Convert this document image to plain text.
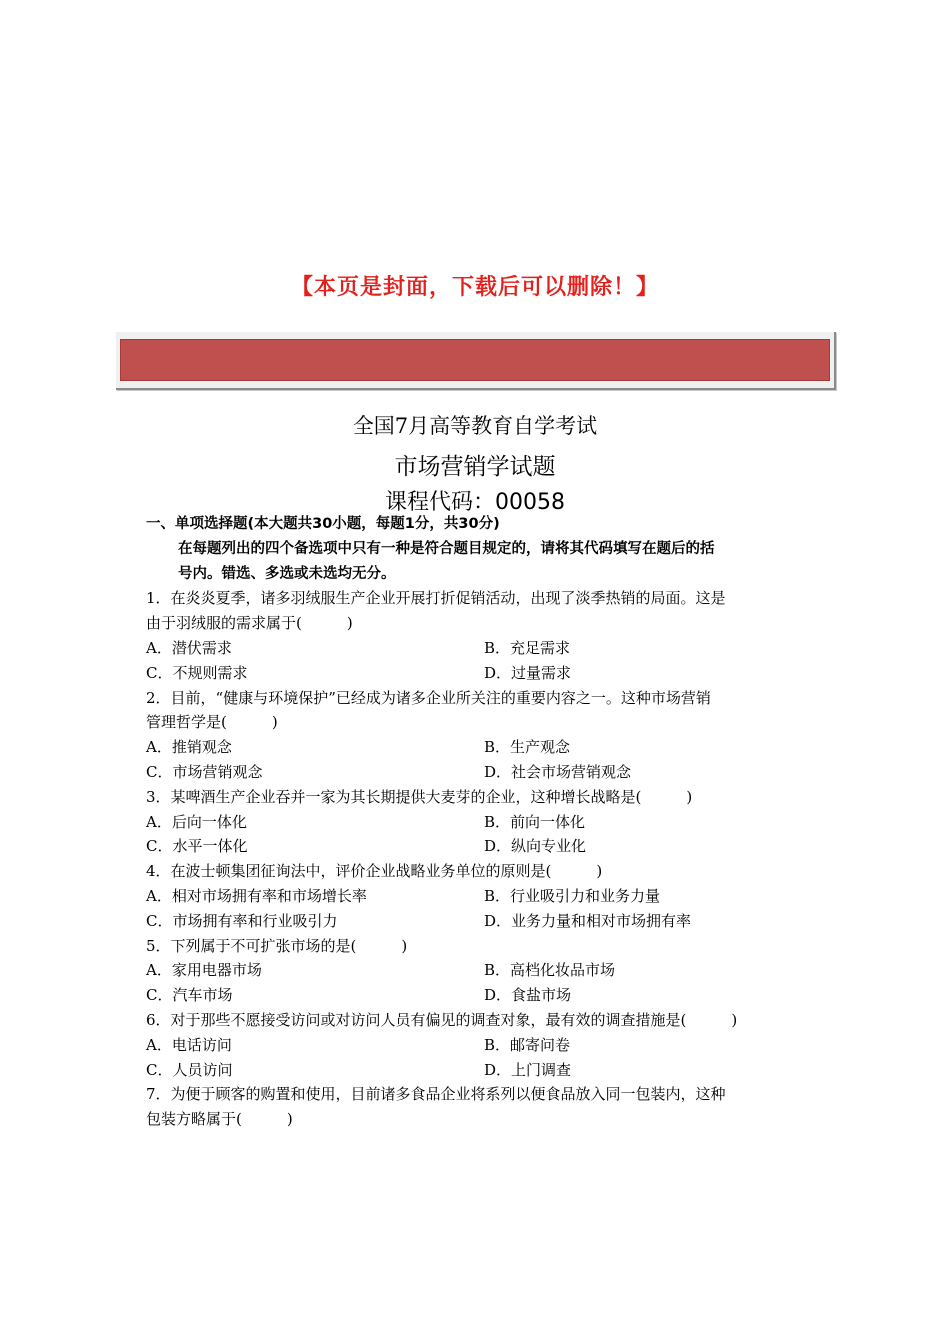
【本页是封面，下载后可以删除！】
全国7月高等教育自学考试
市场营销学试题
课程代码：00058
一、单项选择题(本大题共30小题，每题1分，共30分)
在每题列出的四个备选项中只有一种是符合题目规定的，请将其代码填写在题后的括
号内。错选、多选或未选均无分。
1．在炎炎夏季，诸多羽绒服生产企业开展打折促销活动，出现了淡季热销的局面。这是
由于羽绒服的需求属于(　　　)
A．潜伏需求	B．充足需求
C．不规则需求	D．过量需求
2．目前，“健康与环境保护”已经成为诸多企业所关注的重要内容之一。这种市场营销
管理哲学是(　　　)
A．推销观念	B．生产观念
C．市场营销观念	D．社会市场营销观念
3．某啤酒生产企业吞并一家为其长期提供大麦芽的企业，这种增长战略是(　　　)
A．后向一体化	B．前向一体化
C．水平一体化	D．纵向专业化
4．在波士顿集团征询法中，评价企业战略业务单位的原则是(　　　)
A．相对市场拥有率和市场增长率	B．行业吸引力和业务力量
C．市场拥有率和行业吸引力	D．业务力量和相对市场拥有率
5．下列属于不可扩张市场的是(　　　)
A．家用电器市场	B．高档化妆品市场
C．汽车市场	D．食盐市场
6．对于那些不愿接受访问或对访问人员有偏见的调查对象，最有效的调查措施是(　　　)
A．电话访问	B．邮寄问卷
C．人员访问	D．上门调查
7．为便于顾客的购置和使用，目前诸多食品企业将系列以便食品放入同一包装内，这种
包装方略属于(　　　)
